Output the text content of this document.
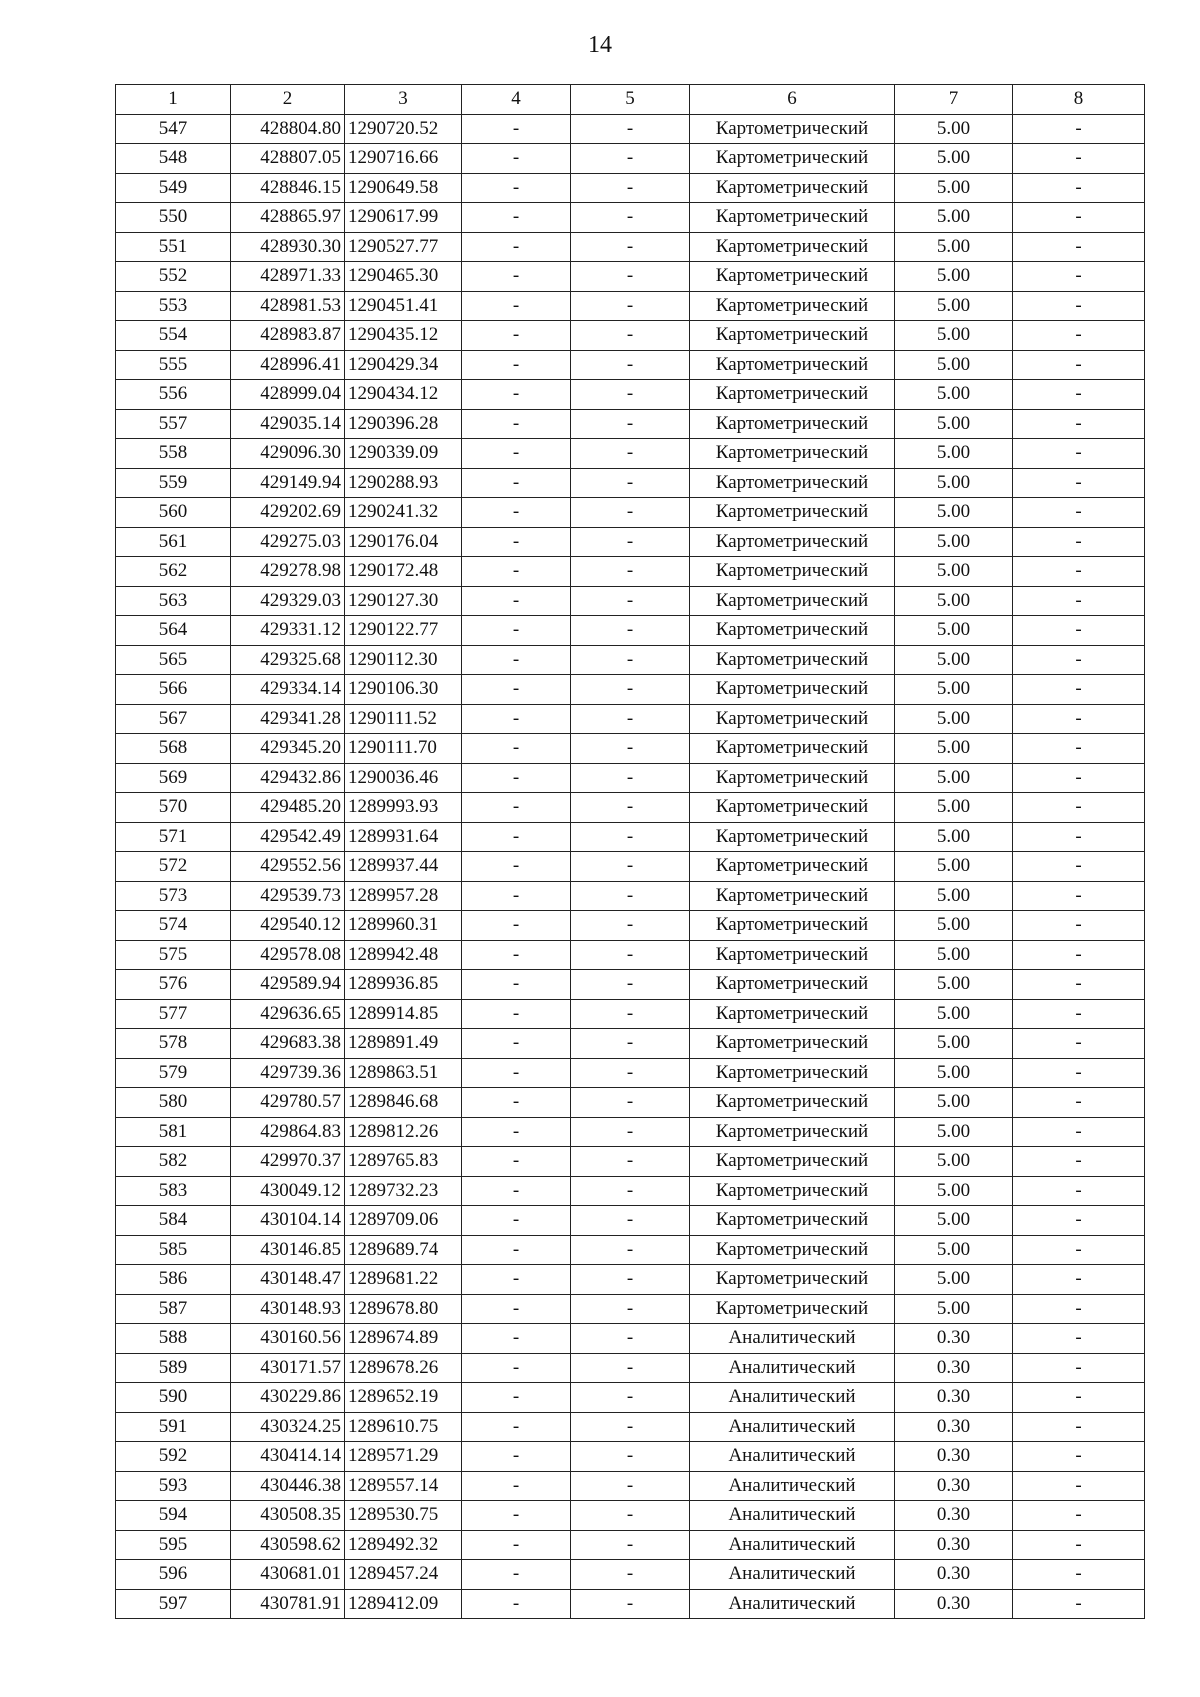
14
1	2	3	4	5	6	7	8
547	428804.80	1290720.52	-	-	Картометрический	5.00	-
548	428807.05	1290716.66	-	-	Картометрический	5.00	-
549	428846.15	1290649.58	-	-	Картометрический	5.00	-
550	428865.97	1290617.99	-	-	Картометрический	5.00	-
551	428930.30	1290527.77	-	-	Картометрический	5.00	-
552	428971.33	1290465.30	-	-	Картометрический	5.00	-
553	428981.53	1290451.41	-	-	Картометрический	5.00	-
554	428983.87	1290435.12	-	-	Картометрический	5.00	-
555	428996.41	1290429.34	-	-	Картометрический	5.00	-
556	428999.04	1290434.12	-	-	Картометрический	5.00	-
557	429035.14	1290396.28	-	-	Картометрический	5.00	-
558	429096.30	1290339.09	-	-	Картометрический	5.00	-
559	429149.94	1290288.93	-	-	Картометрический	5.00	-
560	429202.69	1290241.32	-	-	Картометрический	5.00	-
561	429275.03	1290176.04	-	-	Картометрический	5.00	-
562	429278.98	1290172.48	-	-	Картометрический	5.00	-
563	429329.03	1290127.30	-	-	Картометрический	5.00	-
564	429331.12	1290122.77	-	-	Картометрический	5.00	-
565	429325.68	1290112.30	-	-	Картометрический	5.00	-
566	429334.14	1290106.30	-	-	Картометрический	5.00	-
567	429341.28	1290111.52	-	-	Картометрический	5.00	-
568	429345.20	1290111.70	-	-	Картометрический	5.00	-
569	429432.86	1290036.46	-	-	Картометрический	5.00	-
570	429485.20	1289993.93	-	-	Картометрический	5.00	-
571	429542.49	1289931.64	-	-	Картометрический	5.00	-
572	429552.56	1289937.44	-	-	Картометрический	5.00	-
573	429539.73	1289957.28	-	-	Картометрический	5.00	-
574	429540.12	1289960.31	-	-	Картометрический	5.00	-
575	429578.08	1289942.48	-	-	Картометрический	5.00	-
576	429589.94	1289936.85	-	-	Картометрический	5.00	-
577	429636.65	1289914.85	-	-	Картометрический	5.00	-
578	429683.38	1289891.49	-	-	Картометрический	5.00	-
579	429739.36	1289863.51	-	-	Картометрический	5.00	-
580	429780.57	1289846.68	-	-	Картометрический	5.00	-
581	429864.83	1289812.26	-	-	Картометрический	5.00	-
582	429970.37	1289765.83	-	-	Картометрический	5.00	-
583	430049.12	1289732.23	-	-	Картометрический	5.00	-
584	430104.14	1289709.06	-	-	Картометрический	5.00	-
585	430146.85	1289689.74	-	-	Картометрический	5.00	-
586	430148.47	1289681.22	-	-	Картометрический	5.00	-
587	430148.93	1289678.80	-	-	Картометрический	5.00	-
588	430160.56	1289674.89	-	-	Аналитический	0.30	-
589	430171.57	1289678.26	-	-	Аналитический	0.30	-
590	430229.86	1289652.19	-	-	Аналитический	0.30	-
591	430324.25	1289610.75	-	-	Аналитический	0.30	-
592	430414.14	1289571.29	-	-	Аналитический	0.30	-
593	430446.38	1289557.14	-	-	Аналитический	0.30	-
594	430508.35	1289530.75	-	-	Аналитический	0.30	-
595	430598.62	1289492.32	-	-	Аналитический	0.30	-
596	430681.01	1289457.24	-	-	Аналитический	0.30	-
597	430781.91	1289412.09	-	-	Аналитический	0.30	-
